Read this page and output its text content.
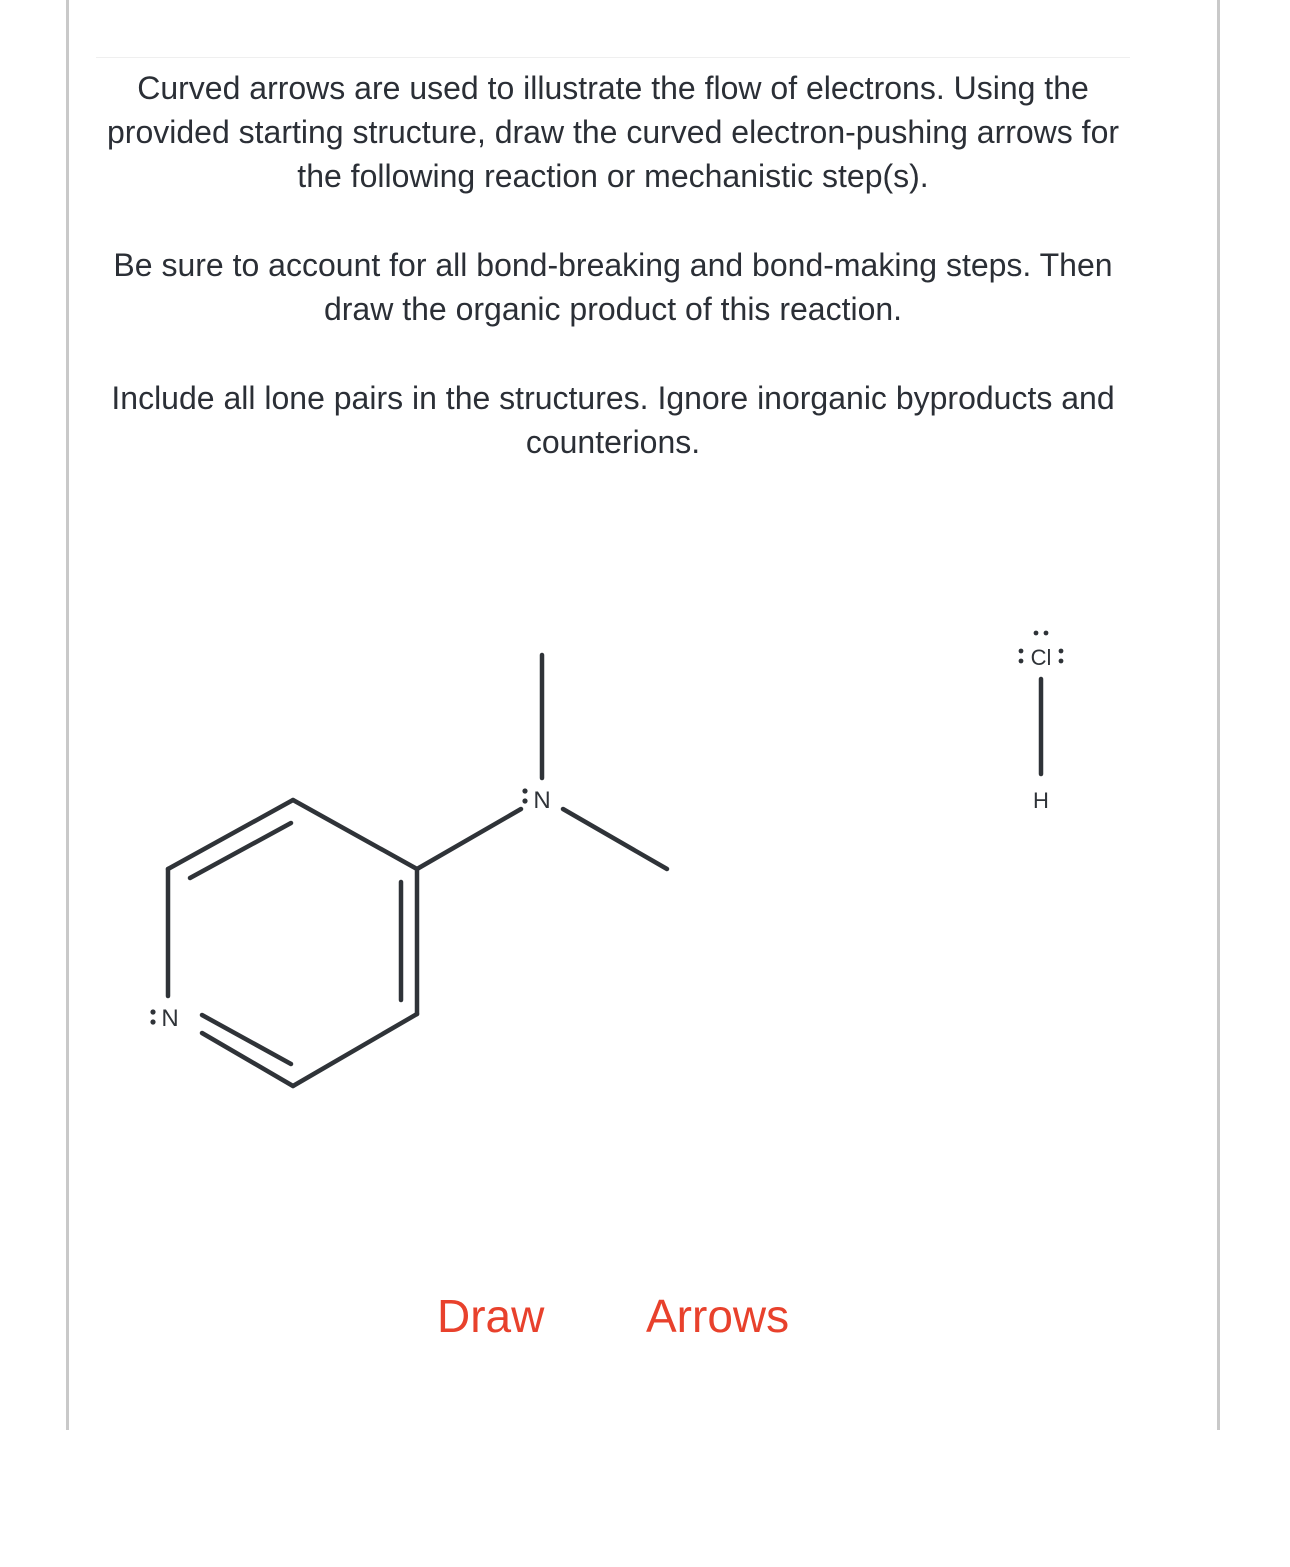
Curved arrows are used to illustrate the flow of electrons. Using the provided starting structure, draw the curved electron-pushing arrows for the following reaction or mechanistic step(s).

Be sure to account for all bond-breaking and bond-making steps. Then draw the organic product of this reaction.

Include all lone pairs in the structures. Ignore inorganic byproducts and counterions.

N
N
Cl
H
Draw Arrows
